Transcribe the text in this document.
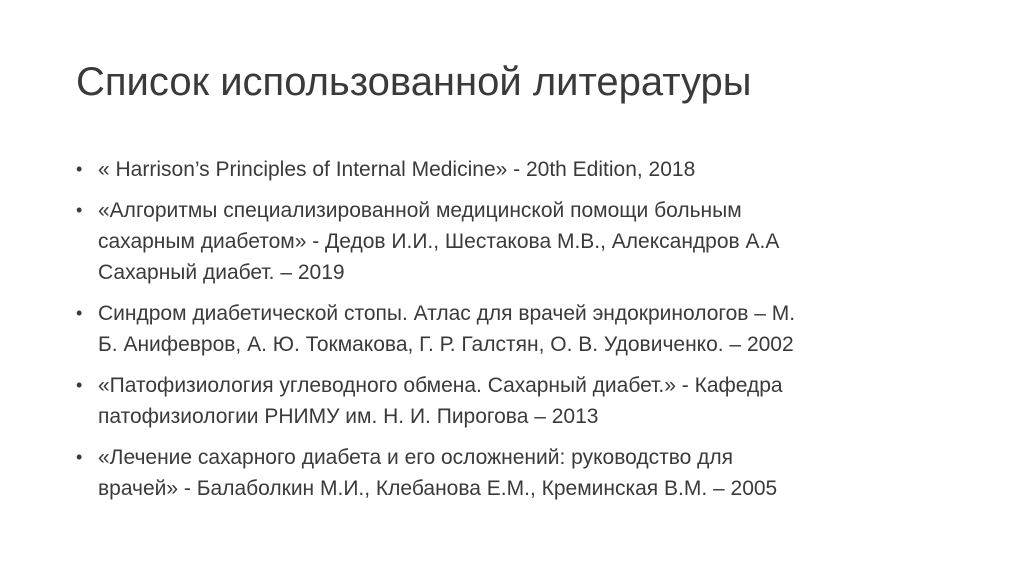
Список использованной литературы
• « Harrison’s Principles of Internal Medicine» - 20th Edition, 2018
• «Алгоритмы специализированной медицинской помощи больным
сахарным диабетом» - Дедов И.И., Шестакова М.В., Александров А.А
Сахарный диабет. – 2019
• Синдром диабетической стопы. Атлас для врачей эндокринологов – М.
Б. Анифевров, А. Ю. Токмакова, Г. Р. Галстян, О. В. Удовиченко. – 2002
• «Патофизиология углеводного обмена. Сахарный диабет.» - Кафедра
патофизиологии РНИМУ им. Н. И. Пирогова – 2013
• «Лечение сахарного диабета и его осложнений: руководство для
врачей» - Балаболкин М.И., Клебанова Е.М., Креминская В.М. – 2005
